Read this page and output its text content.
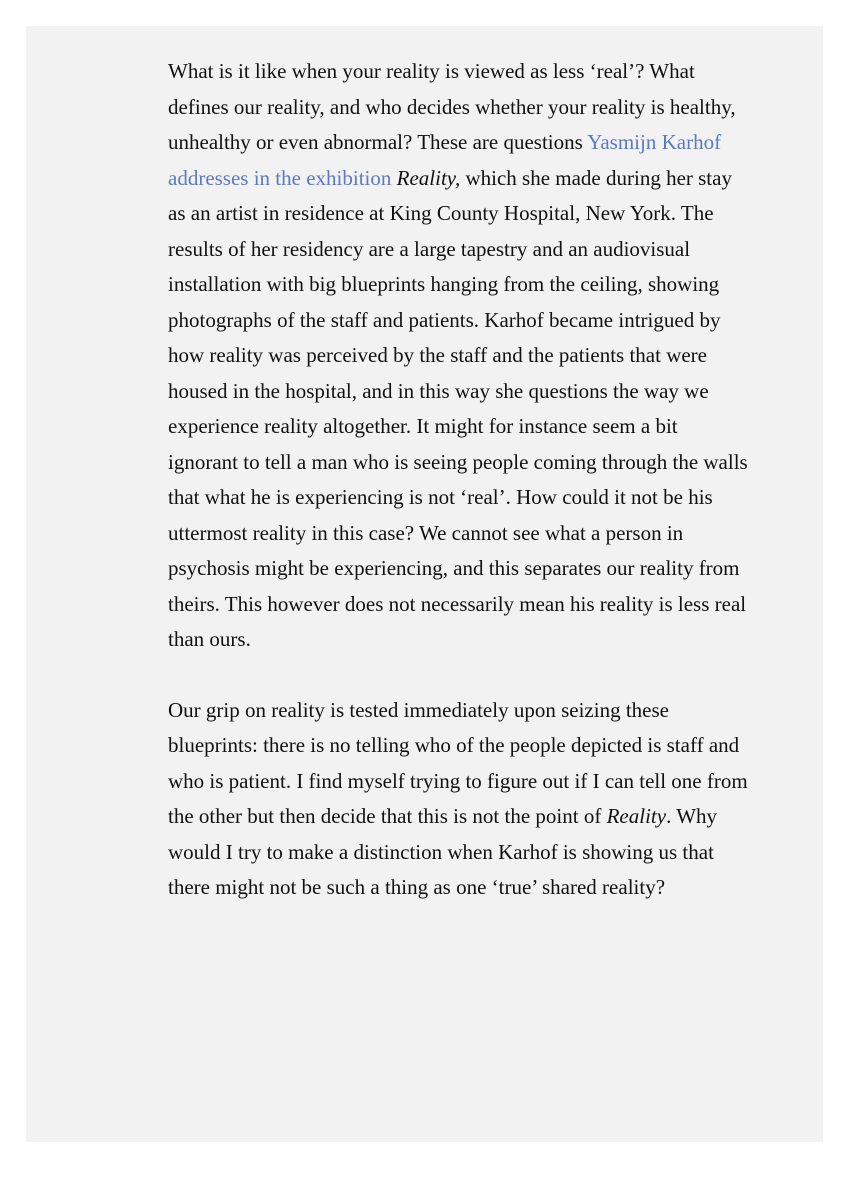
What is it like when your reality is viewed as less ‘real’? What defines our reality, and who decides whether your reality is healthy, unhealthy or even abnormal? These are questions Yasmijn Karhof addresses in the exhibition Reality, which she made during her stay as an artist in residence at King County Hospital, New York. The results of her residency are a large tapestry and an audiovisual installation with big blueprints hanging from the ceiling, showing photographs of the staff and patients. Karhof became intrigued by how reality was perceived by the staff and the patients that were housed in the hospital, and in this way she questions the way we experience reality altogether. It might for instance seem a bit ignorant to tell a man who is seeing people coming through the walls that what he is experiencing is not ‘real’. How could it not be his uttermost reality in this case? We cannot see what a person in psychosis might be experiencing, and this separates our reality from theirs. This however does not necessarily mean his reality is less real than ours.

Our grip on reality is tested immediately upon seizing these blueprints: there is no telling who of the people depicted is staff and who is patient. I find myself trying to figure out if I can tell one from the other but then decide that this is not the point of Reality. Why would I try to make a distinction when Karhof is showing us that there might not be such a thing as one ‘true’ shared reality?
